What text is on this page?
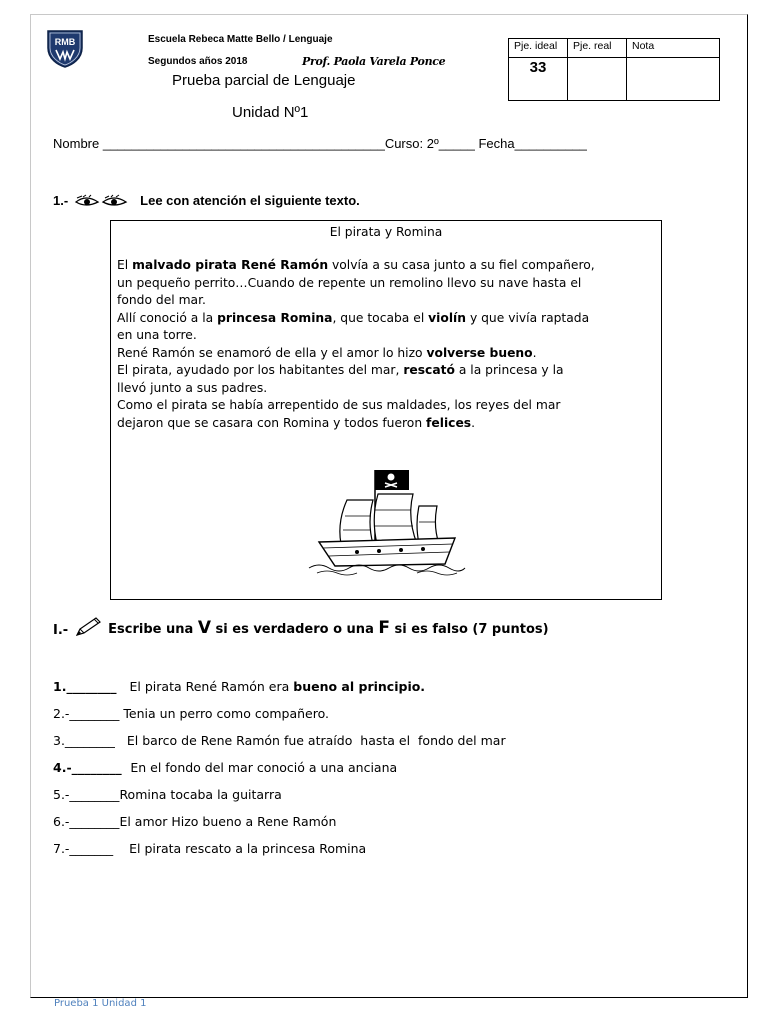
RMB	Escuela Rebeca Matte Bello / Lenguaje
Segundos años 2018	Prof. Paola Varela Ponce
Prueba parcial de Lenguaje
Unidad Nº1
Pje. ideal	Pje. real	Nota
33		
Nombre _______________________________________Curso: 2º_____ Fecha__________
1.-	Lee con atención el siguiente texto.
El pirata y Romina
El malvado pirata René Ramón volvía a su casa junto a su fiel compañero,
un pequeño perrito…Cuando de repente un remolino llevo su nave hasta el
fondo del mar.
Allí conoció a la princesa Romina, que tocaba el violín y que vivía raptada
en una torre.
René Ramón se enamoró de ella y el amor lo hizo volverse bueno.
El pirata, ayudado por los habitantes del mar, rescató a la princesa y la
llevó junto a sus padres.
Como el pirata se había arrepentido de sus maldades, los reyes del mar
dejaron que se casara con Romina y todos fueron felices.
I.-	Escribe una V si es verdadero o una F si es falso (7 puntos)
1.________   El pirata René Ramón era bueno al principio.
2.-________ Tenia un perro como compañero.
3.________   El barco de Rene Ramón fue atraído  hasta el  fondo del mar
4.-________  En el fondo del mar conoció a una anciana
5.-________Romina tocaba la guitarra
6.-________El amor Hizo bueno a Rene Ramón
7.-_______    El pirata rescato a la princesa Romina
Prueba 1 Unidad 1
